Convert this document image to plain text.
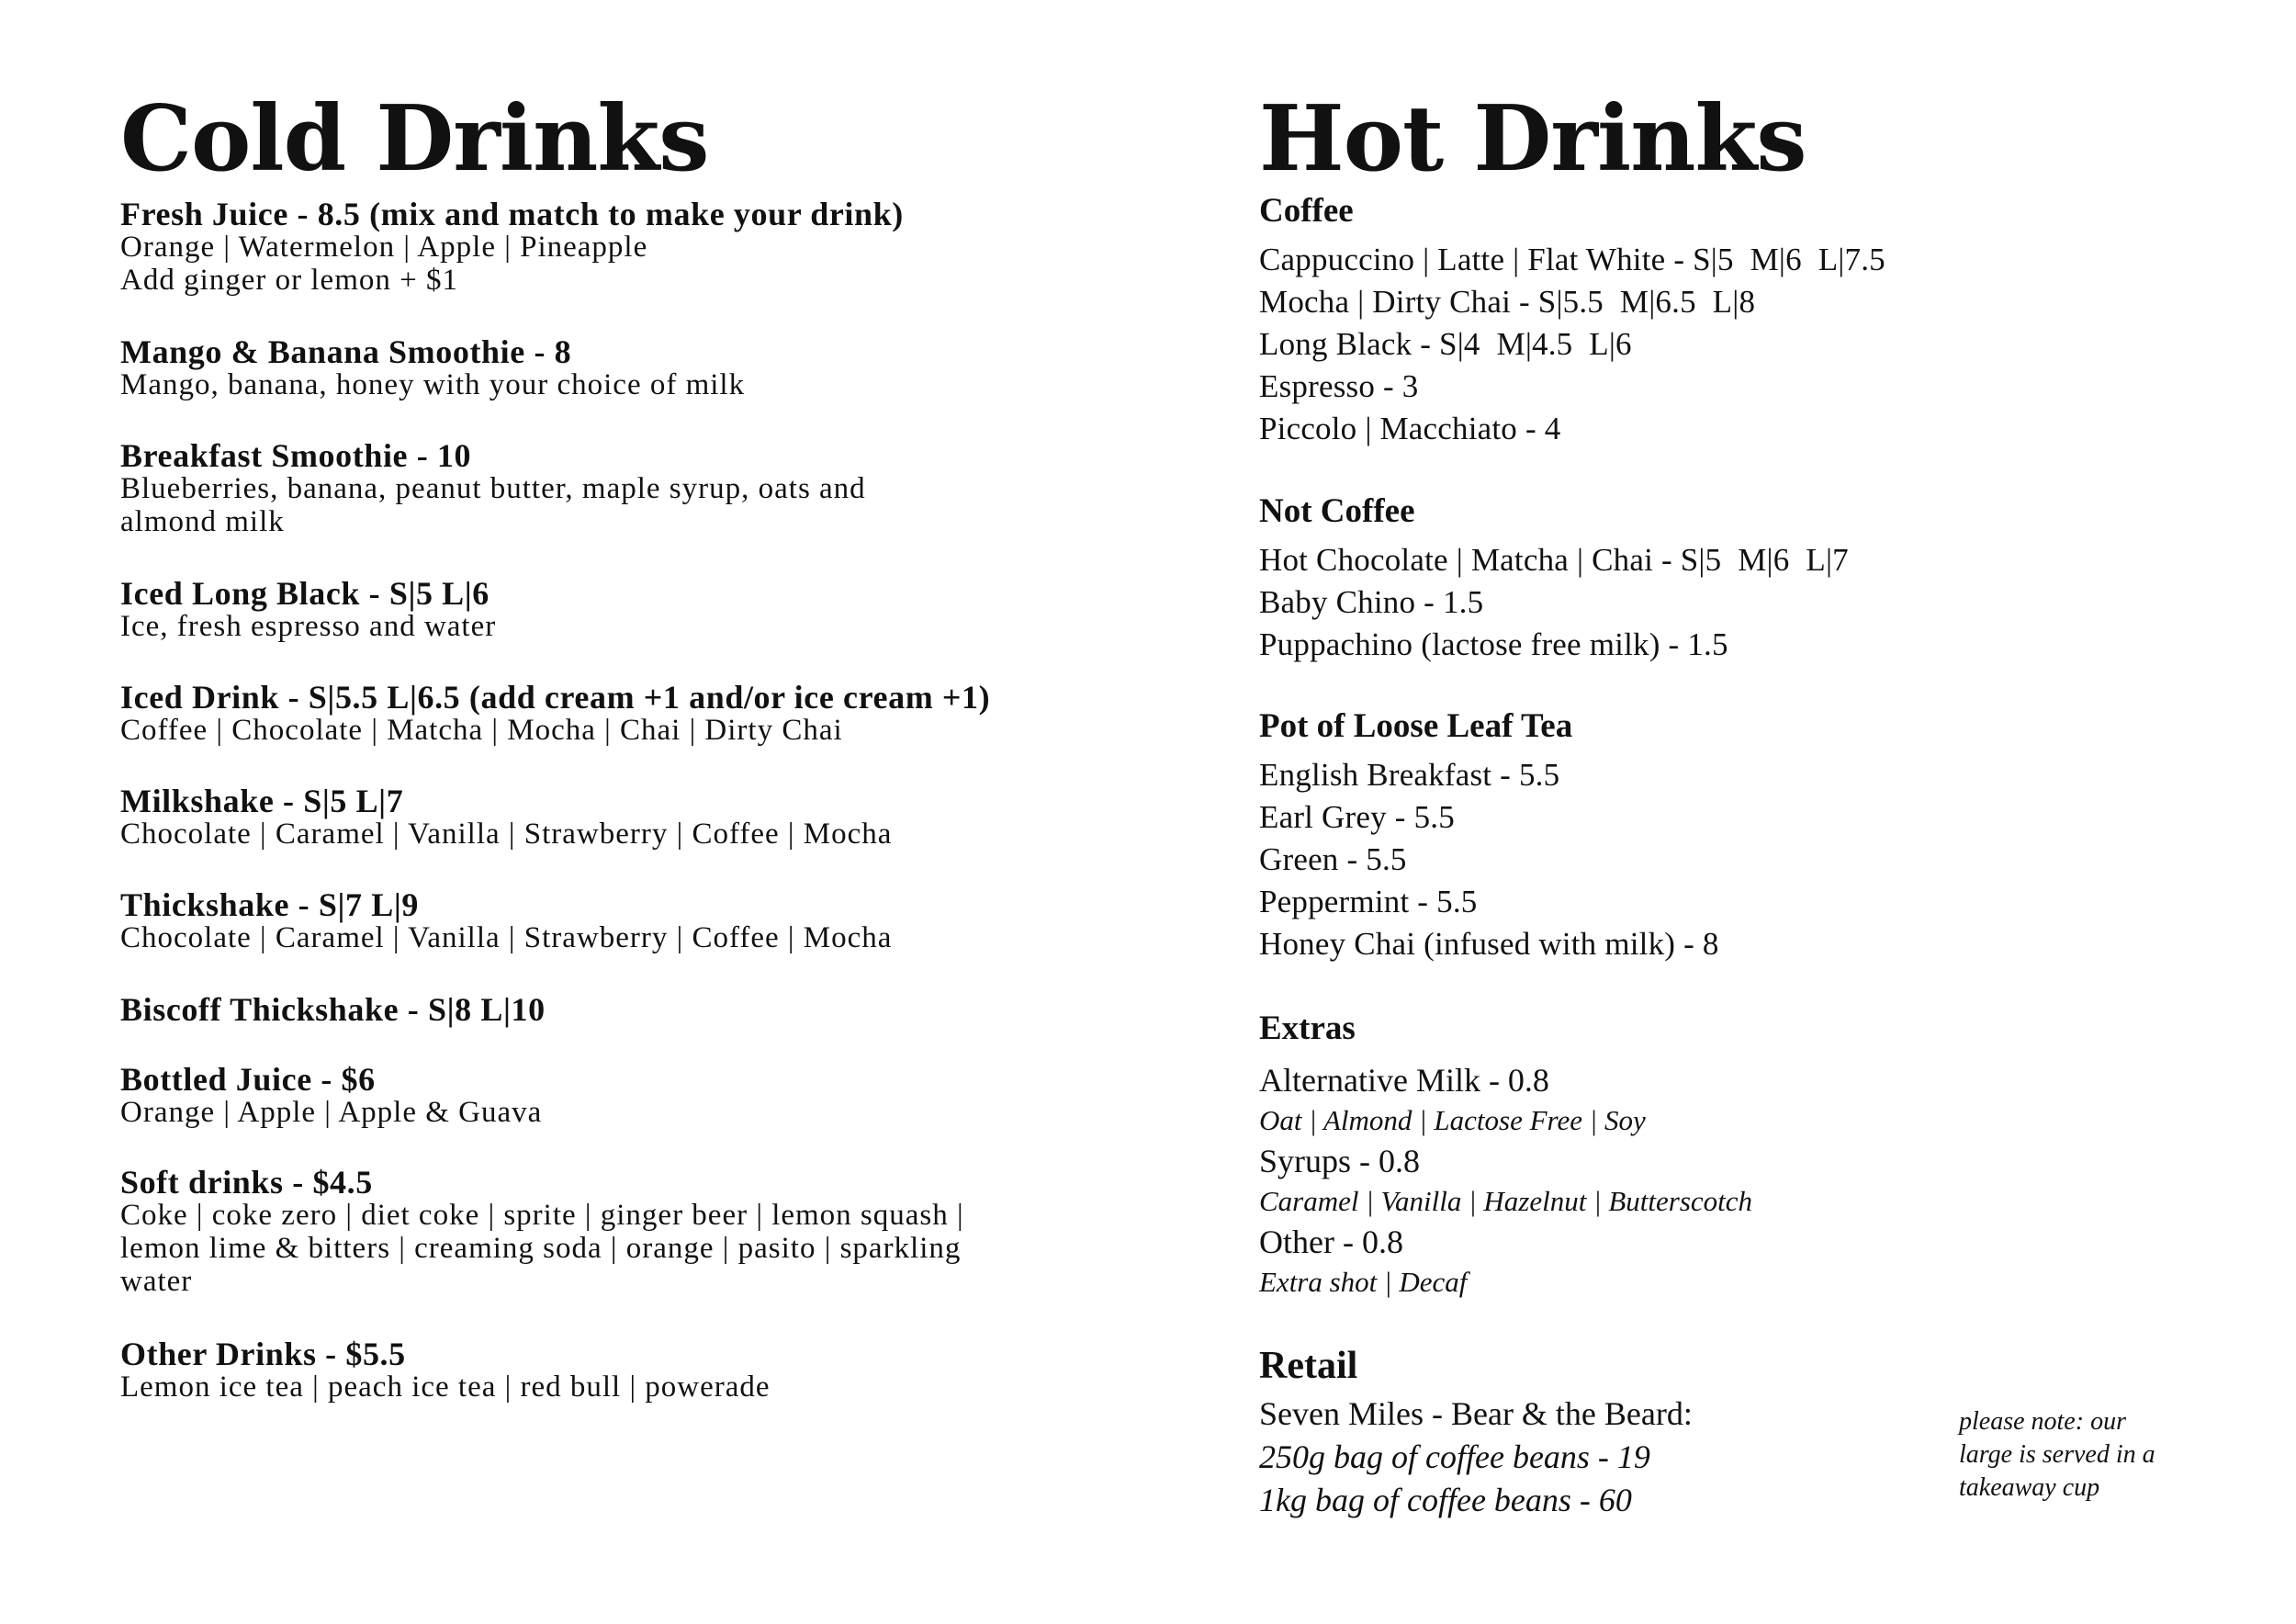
Cold Drinks
Fresh Juice - 8.5 (mix and match to make your drink)
Orange | Watermelon | Apple | Pineapple
Add ginger or lemon + $1
Mango & Banana Smoothie - 8
Mango, banana, honey with your choice of milk
Breakfast Smoothie - 10
Blueberries, banana, peanut butter, maple syrup, oats and
almond milk
Iced Long Black - S|5 L|6
Ice, fresh espresso and water
Iced Drink - S|5.5 L|6.5 (add cream +1 and/or ice cream +1)
Coffee | Chocolate | Matcha | Mocha | Chai | Dirty Chai
Milkshake - S|5 L|7
Chocolate | Caramel | Vanilla | Strawberry | Coffee | Mocha
Thickshake - S|7 L|9
Chocolate | Caramel | Vanilla | Strawberry | Coffee | Mocha
Biscoff Thickshake - S|8 L|10
Bottled Juice - $6
Orange | Apple | Apple & Guava
Soft drinks - $4.5
Coke | coke zero | diet coke | sprite | ginger beer | lemon squash |
lemon lime & bitters | creaming soda | orange | pasito | sparkling
water
Other Drinks - $5.5
Lemon ice tea | peach ice tea | red bull | powerade
Hot Drinks
Coffee
Cappuccino | Latte | Flat White - S|5  M|6  L|7.5
Mocha | Dirty Chai - S|5.5  M|6.5  L|8
Long Black - S|4  M|4.5  L|6
Espresso - 3
Piccolo | Macchiato - 4
Not Coffee
Hot Chocolate | Matcha | Chai - S|5  M|6  L|7
Baby Chino - 1.5
Puppachino (lactose free milk) - 1.5
Pot of Loose Leaf Tea
English Breakfast - 5.5
Earl Grey - 5.5
Green - 5.5
Peppermint - 5.5
Honey Chai (infused with milk) - 8
Extras
Alternative Milk - 0.8
Oat | Almond | Lactose Free | Soy
Syrups - 0.8
Caramel | Vanilla | Hazelnut | Butterscotch
Other - 0.8
Extra shot | Decaf
Retail
Seven Miles - Bear & the Beard:
250g bag of coffee beans - 19
1kg bag of coffee beans - 60
please note: our large is served in a takeaway cup
